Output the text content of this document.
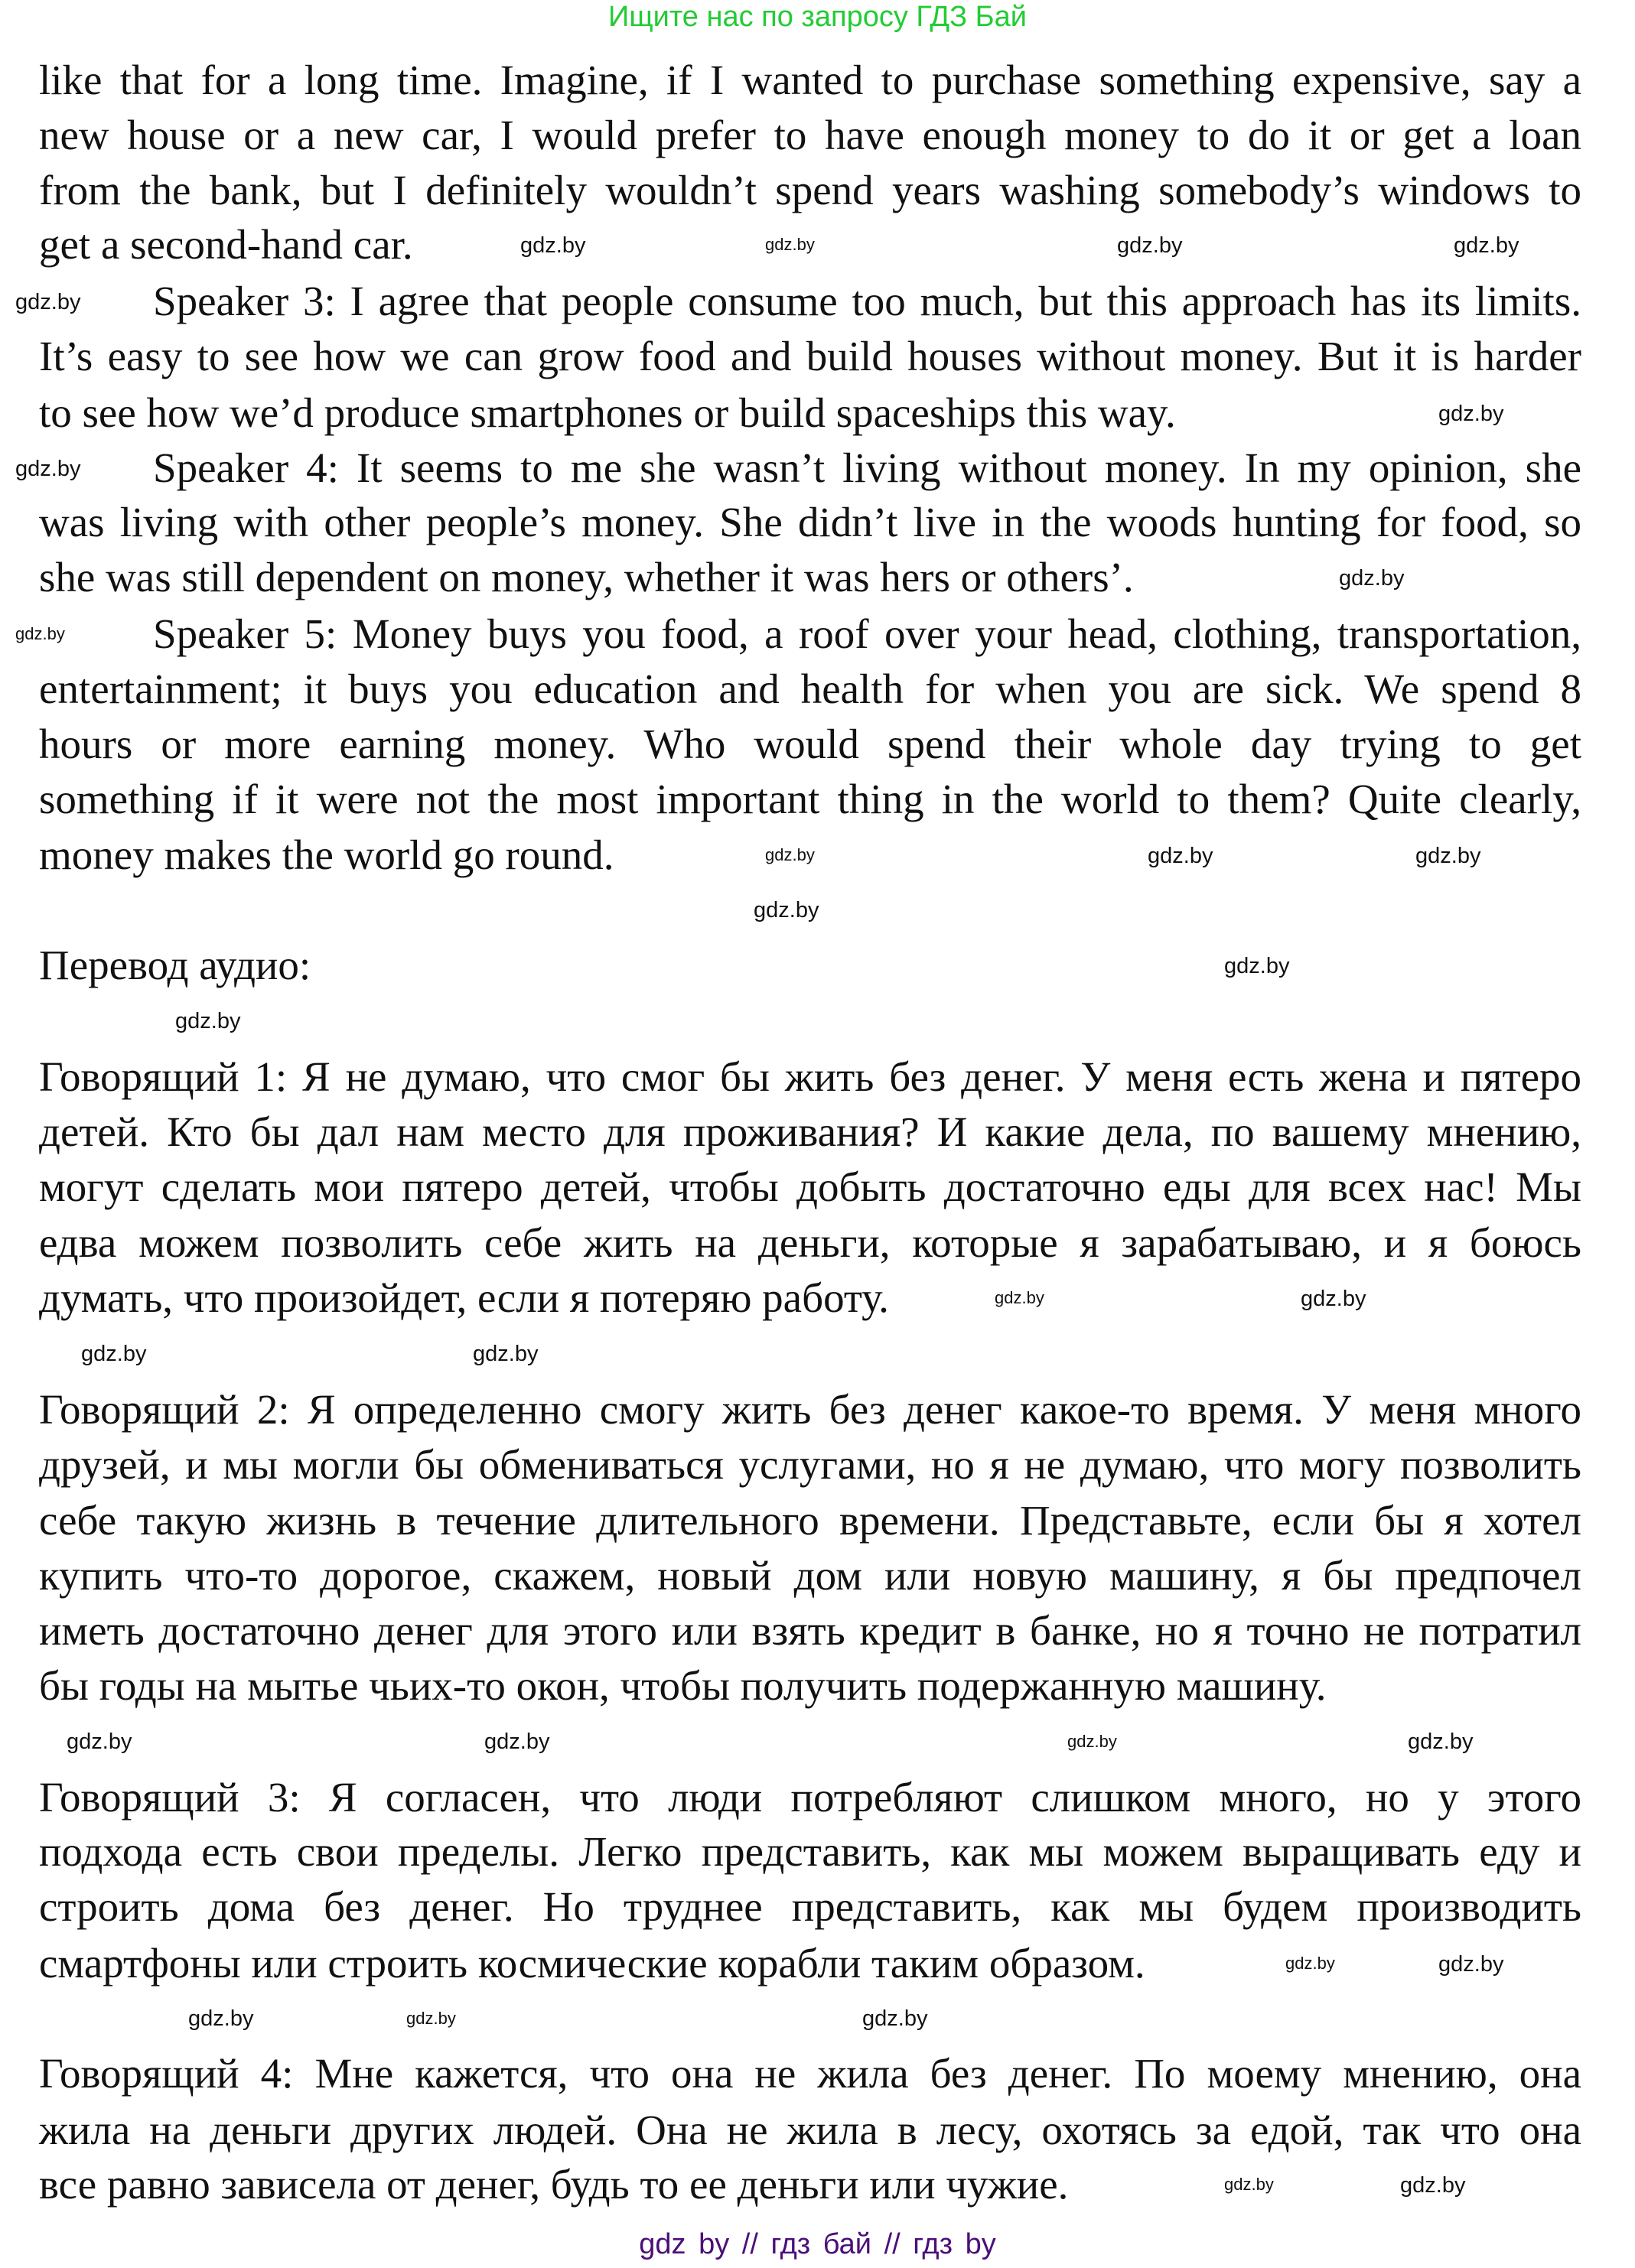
Ищите нас по запросу ГДЗ Бай
like that for a long time. Imagine, if I wanted to purchase something expensive, say a
new house or a new car, I would prefer to have enough money to do it or get a loan
from the bank, but I definitely wouldn’t spend years washing somebody’s windows to
get a second-hand car.
Speaker 3: I agree that people consume too much, but this approach has its limits.
It’s easy to see how we can grow food and build houses without money. But it is harder
to see how we’d produce smartphones or build spaceships this way.
Speaker 4: It seems to me she wasn’t living without money. In my opinion, she
was living with other people’s money. She didn’t live in the woods hunting for food, so
she was still dependent on money, whether it was hers or others’.
Speaker 5: Money buys you food, a roof over your head, clothing, transportation,
entertainment; it buys you education and health for when you are sick. We spend 8
hours or more earning money. Who would spend their whole day trying to get
something if it were not the most important thing in the world to them? Quite clearly,
money makes the world go round.
Перевод аудио:
Говорящий 1: Я не думаю, что смог бы жить без денег. У меня есть жена и пятеро
детей. Кто бы дал нам место для проживания? И какие дела, по вашему мнению,
могут сделать мои пятеро детей, чтобы добыть достаточно еды для всех нас! Мы
едва можем позволить себе жить на деньги, которые я зарабатываю, и я боюсь
думать, что произойдет, если я потеряю работу.
Говорящий 2: Я определенно смогу жить без денег какое-то время. У меня много
друзей, и мы могли бы обмениваться услугами, но я не думаю, что могу позволить
себе такую жизнь в течение длительного времени. Представьте, если бы я хотел
купить что-то дорогое, скажем, новый дом или новую машину, я бы предпочел
иметь достаточно денег для этого или взять кредит в банке, но я точно не потратил
бы годы на мытье чьих-то окон, чтобы получить подержанную машину.
Говорящий 3: Я согласен, что люди потребляют слишком много, но у этого
подхода есть свои пределы. Легко представить, как мы можем выращивать еду и
строить дома без денег. Но труднее представить, как мы будем производить
смартфоны или строить космические корабли таким образом.
Говорящий 4: Мне кажется, что она не жила без денег. По моему мнению, она
жила на деньги других людей. Она не жила в лесу, охотясь за едой, так что она
все равно зависела от денег, будь то ее деньги или чужие.
gdz.by	gdz.by	gdz.by	gdz.by
gdz.by
gdz.by
gdz.by
gdz.by
gdz.by
gdz.by	gdz.by	gdz.by
gdz.by
gdz.by
gdz.by
gdz.by	gdz.by
gdz.by	gdz.by
gdz.by	gdz.by
gdz.by	gdz.by
gdz.by	gdz.by
gdz.by	gdz.by	gdz.by
gdz.by	gdz.by
gdz by // гдз бай // гдз by
